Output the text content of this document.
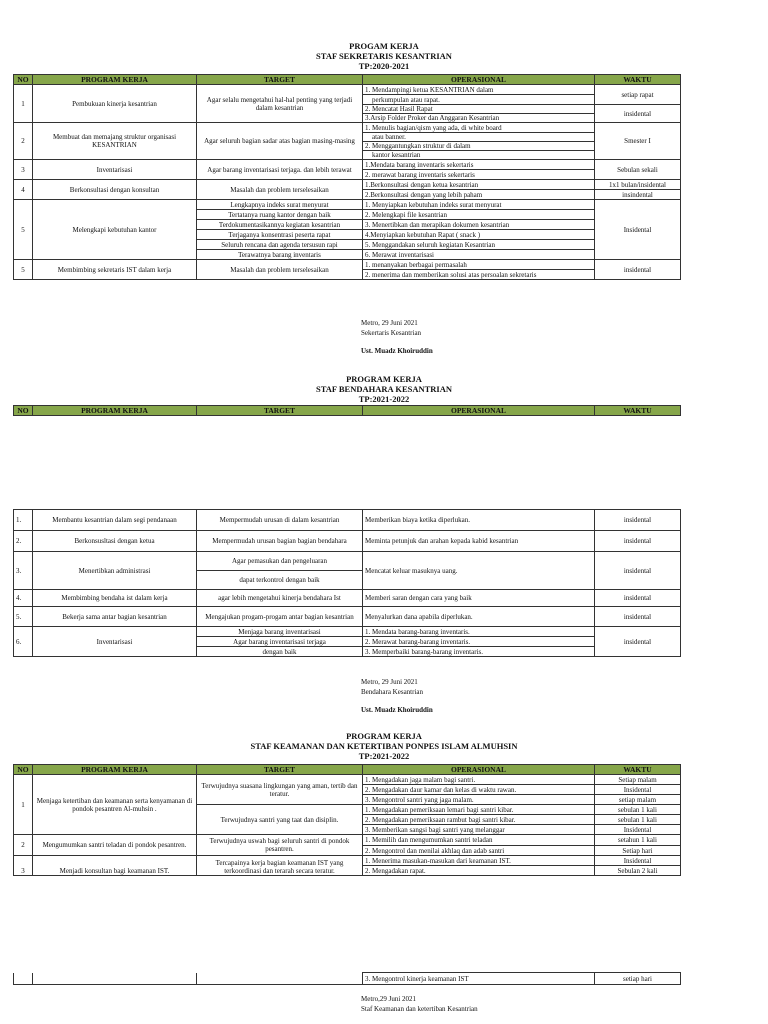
PROGAM KERJA
STAF SEKRETARIS KESANTRIAN
TP:2020-2021
NO	PROGRAM KERJA	TARGET	OPERASIONAL	WAKTU
1	Pembukuan kinerja kesantrian	Agar selalu mengetahui hal-hal penting yang terjadi dalam kesantrian	1. Mendampingi ketua KESANTRIAN dalam	setiap rapat
			perkumpulan atau rapat.	
			2. Mencatat Hasil Rapat	insidental
			3.Arsip Folder Proker dan Anggaran Kesantrian	
2	Membuat dan memajang struktur organisasi KESANTRIAN	Agar seluruh bagian sadar atas bagian masing-masing	1. Menulis bagian/qism yang ada, di white board	Smester I
			atau banner.	
			2. Menggantungkan struktur di dalam	
			kantor kesantrian	
3	Inventarisasi	Agar barang inventarisasi terjaga. dan lebih terawat	1.Mendata barang inventaris sekertaris	Sebulan sekali
			2. merawat barang inventaris sekertaris	
4	Berkonsultasi dengan konsultan	Masalah dan problem terselesaikan	1.Berkonsultasi dengan ketua kesantrian	1x1 bulan/insidental
			2.Berkonsultasi dengan yang lebih paham	insindental
5	Melengkapi kebutuhan kantor	Lengkapnya indeks surat menyurat	1. Menyiapkan kebutuhan indeks surat menyurat	Insidental
		Tertatanya ruang kantor dengan baik	2. Melengkapi file kesantrian	
		Terdokumentasikannya kegiatan kesantrian	3. Menertibkan dan merapikan dokumen kesantrian	
		Terjaganya konsentrasi peserta rapat	4.Menyiapkan kebutuhan Rapat ( snack )	
		Seluruh rencana dan agenda tersusun rapi	5. Menggandakan seluruh kegiatan Kesantrian	
		Terawatnya barang inventaris	6. Merawat inventarisasi	
5	Membimbing sekretaris IST dalam kerja	Masalah dan problem terselesaikan	1. menanyakan berbagai permasalah	insidental
			2. menerima dan memberikan solusi atas persoalan sekretaris	
Metro, 29 Juni 2021
Sekertaris Kesantrian
Ust. Muadz Khoiruddin
PROGRAM KERJA
STAF BENDAHARA KESANTRIAN
TP:2021-2022
NO	PROGRAM KERJA	TARGET	OPERASIONAL	WAKTU
1.	Membantu kesantrian dalam segi pendanaan	Mempermudah urusan di dalam kesantrian	Memberikan biaya ketika diperlukan.	insidental
2.	Berkonsusltasi dengan ketua	Mempermudah urusan bagian bagian bendahara	Meminta petunjuk dan arahan kepada kabid kesantrian	insidental
3.	Menertibkan administrasi	Agar pemasukan dan pengeluaran	Mencatat keluar masuknya uang.	insidental
		dapat terkontrol dengan baik		
4.	Membimbing bendaha ist dalam kerja	agar lebih mengetahui kinerja bendahara Ist	Memberi saran dengan cara yang baik	insidental
5.	Bekerja sama antar bagian kesantrian	Mengajukan progam-progam antar bagian kesantrian	Menyalurkan dana apabila diperlukan.	insidental
6.	Inventarisasi	Menjaga barang inventarisasi	1. Mendata barang-barang inventaris.	insidental
		Agar barang inventarisasi terjaga	2. Merawat barang-barang inventaris.	
		dengan baik	3. Memperbaiki barang-barang inventaris.	
Metro, 29 Juni 2021
Bendahara Kesantrian
Ust. Muadz Khoiruddin
PROGRAM KERJA
STAF KEAMANAN DAN KETERTIBAN PONPES ISLAM ALMUHSIN
TP:2021-2022
NO	PROGRAM KERJA	TARGET	OPERASIONAL	WAKTU
1	Menjaga ketertiban dan keamanan serta kenyamanan di pondok pesantren Al-muhsin .	Terwujudnya suasana lingkungan yang aman, tertib dan teratur.	1. Mengadakan jaga malam bagi santri.	Setiap malam
			2. Mengadakan daur kamar dan kelas di waktu rawan.	Insidental
			3. Mengontrol santri yang jaga malam.	setiap malam
		Terwujudnya santri yang taat dan disiplin.	1. Mengadakan pemeriksaan lemari bagi santri kibar.	sebulan 1 kali
			2. Mengadakan pemeriksaan rambut bagi santri kibar.	sebulan 1 kali
			3. Memberikan sangsi bagi santri yang melanggar	Insidental
2	Mengumumkan santri teladan di pondok pesantren.	Terwujudnya uswah bagi seluruh santri di pondok pesantren.	1. Memilih dan mengumumkan santri teladan	setahun 1 kali
			2. Mengontrol dan menilai akhlaq dan adab santri	Setiap hari
3	Menjadi konsultan bagi keamanan IST.	Tercapainya kerja bagian keamanan IST yang terkoordinasi dan terarah secara teratur.	1. Menerima masukan-masukan dari keamanan IST.	Insidental
			2. Mengadakan rapat.	Sebulan 2 kali
			3. Mengontrol kinerja keamanan IST	setiap hari
Metro,29 Juni 2021
Staf Keamanan dan ketertiban Kesantrian
